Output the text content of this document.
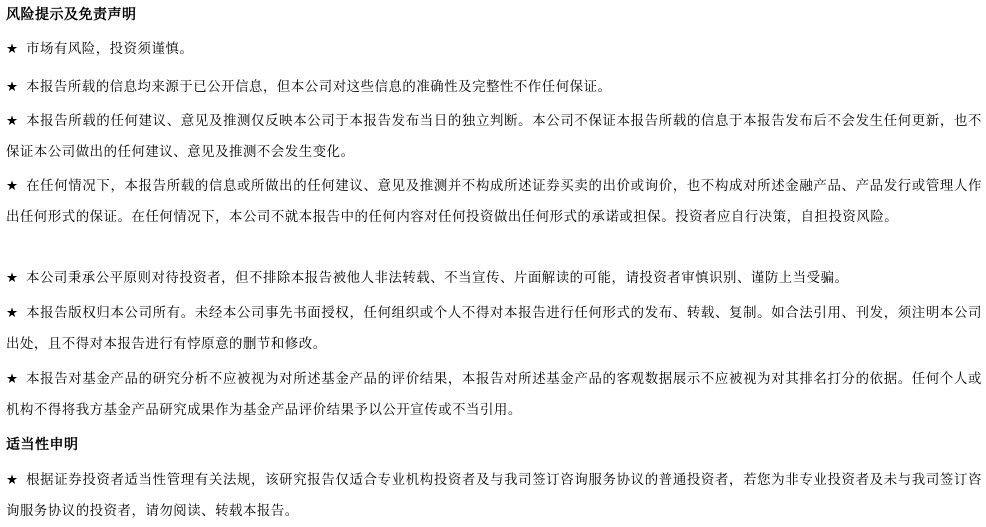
风险提示及免责声明
★ 市场有风险，投资须谨慎。
★ 本报告所载的信息均来源于已公开信息，但本公司对这些信息的准确性及完整性不作任何保证。
★ 本报告所载的任何建议、意见及推测仅反映本公司于本报告发布当日的独立判断。本公司不保证本报告所载的信息于本报告发布后不会发生任何更新，也不保证本公司做出的任何建议、意见及推测不会发生变化。
★ 在任何情况下，本报告所载的信息或所做出的任何建议、意见及推测并不构成所述证券买卖的出价或询价，也不构成对所述金融产品、产品发行或管理人作出任何形式的保证。在任何情况下，本公司不就本报告中的任何内容对任何投资做出任何形式的承诺或担保。投资者应自行决策，自担投资风险。
★ 本公司秉承公平原则对待投资者，但不排除本报告被他人非法转载、不当宣传、片面解读的可能，请投资者审慎识别、谨防上当受骗。
★ 本报告版权归本公司所有。未经本公司事先书面授权，任何组织或个人不得对本报告进行任何形式的发布、转载、复制。如合法引用、刊发，须注明本公司出处，且不得对本报告进行有悖原意的删节和修改。
★ 本报告对基金产品的研究分析不应被视为对所述基金产品的评价结果，本报告对所述基金产品的客观数据展示不应被视为对其排名打分的依据。任何个人或机构不得将我方基金产品研究成果作为基金产品评价结果予以公开宣传或不当引用。
适当性申明
★ 根据证券投资者适当性管理有关法规，该研究报告仅适合专业机构投资者及与我司签订咨询服务协议的普通投资者，若您为非专业投资者及未与我司签订咨询服务协议的投资者，请勿阅读、转载本报告。
